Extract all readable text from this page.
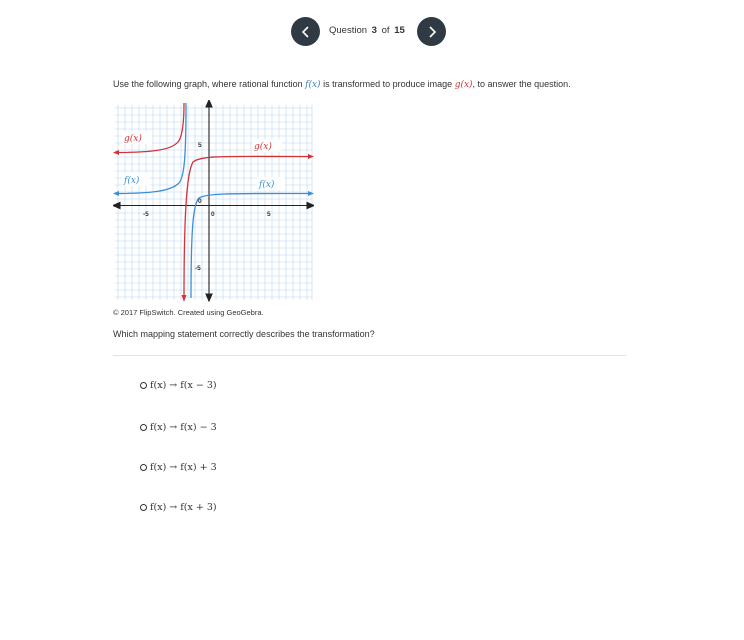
Question 3 of 15
Use the following graph, where rational function f(x) is transformed to produce image g(x), to answer the question.
5
0
-5
-5	0	5
g(x)
f(x)
g(x)
f(x)
© 2017 FlipSwitch. Created using GeoGebra.
Which mapping statement correctly describes the transformation?
f(x) → f(x − 3)
f(x) → f(x) − 3
f(x) → f(x) + 3
f(x) → f(x + 3)
